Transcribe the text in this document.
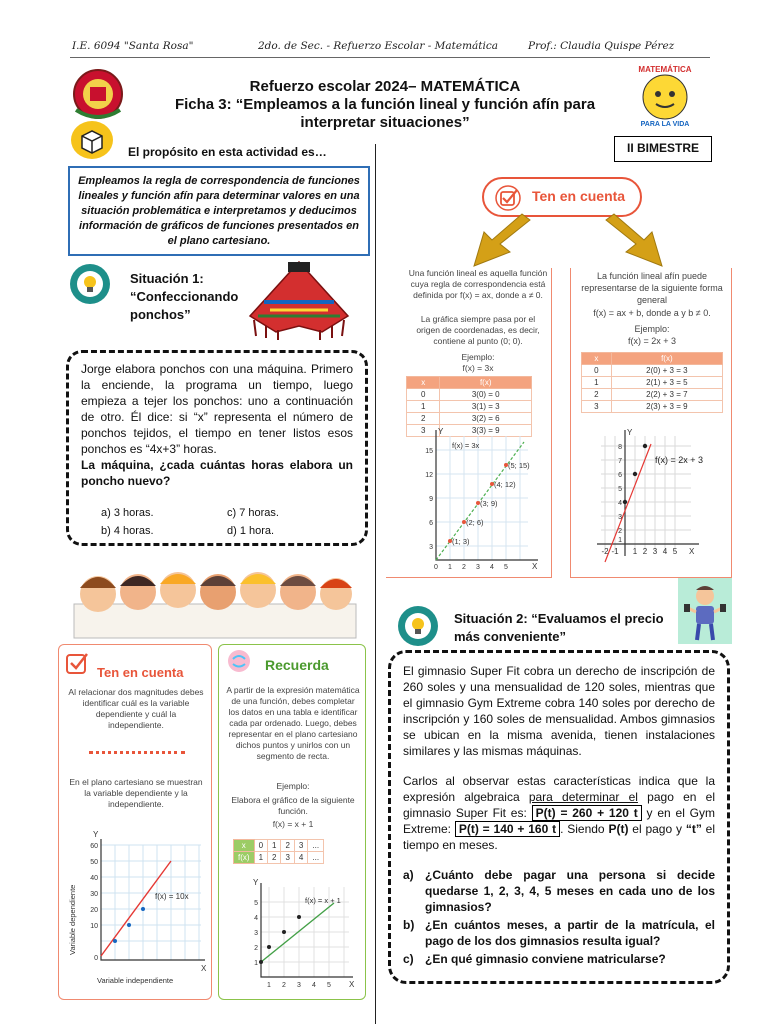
I.E. 6094 "Santa Rosa"	2do. de Sec. - Refuerzo Escolar - Matemática	Prof.: Claudia Quispe Pérez
MATEMÁTICA
PARA LA VIDA
Refuerzo escolar 2024– MATEMÁTICA
Ficha 3: “Empleamos a la función lineal y función afín para
interpretar situaciones”
El propósito en esta actividad es…	II BIMESTRE
Empleamos la regla de correspondencia de funciones lineales y función afín para determinar valores en una situación problemática e interpretamos y deducimos información de gráficos de funciones presentados en el plano cartesiano.
Situación 1:
“Confeccionando
ponchos”
Jorge elabora ponchos con una máquina. Primero la enciende, la programa un tiempo, luego empieza a tejer los ponchos: uno a continuación de otro. Él dice: si “x” representa el número de ponchos tejidos, el tiempo en tener listos esos ponchos es “4x+3” horas.
La máquina, ¿cada cuántas horas elabora un poncho nuevo?
a) 3 horas.	c) 7 horas.
b) 4 horas.	d) 1 hora.
Ten en cuenta
Al relacionar dos magnitudes debes identificar cuál es la variable dependiente y cuál la independiente.
En el plano cartesiano se muestran la variable dependiente y la independiente.
60
50
40
30
20
10
0
Y
X
f(x) = 10x
Variable dependiente
Variable independiente
Recuerda
A partir de la expresión matemática de una función, debes completar los datos en una tabla e identificar cada par ordenado. Luego, debes representar en el plano cartesiano dichos puntos y unirlos con un segmento de recta.
Ejemplo:
Elabora el gráfico de la siguiente función.
f(x) = x + 1
x	0	1	2	3	...
f(x)	1	2	3	4	...
5
4
3
2
1
1 2 3 4 5
Y
X
f(x) = x + 1
Ten en cuenta
Una función lineal es aquella función cuya regla de correspondencia está definida por f(x) = ax, donde a ≠ 0.
La gráfica siempre pasa por el origen de coordenadas, es decir, contiene al punto (0; 0).
Ejemplo:
f(x) = 3x
x	f(x)
0	3(0) = 0
1	3(1) = 3
2	3(2) = 6
3	3(3) = 9
(1; 3)
(2; 6)
(3; 9)
(4; 12)
(5; 15)
f(x) = 3x
15
12
9
6
3
0 1 2 3 4 5
Y
X
La función lineal afín puede representarse de la siguiente forma general
f(x) = ax + b, donde a y b ≠ 0.
Ejemplo:
f(x) = 2x + 3
x	f(x)
0	2(0) + 3 = 3
1	2(1) + 3 = 5
2	2(2) + 3 = 7
3	2(3) + 3 = 9
f(x) = 2x + 3
8
7
6
5
4
3
2
1
-2 -1 1 2 3 4 5
Y
X
Situación 2: “Evaluamos el precio
más conveniente”
El gimnasio Super Fit cobra un derecho de inscripción de 260 soles y una mensualidad de 120 soles, mientras que el gimnasio Gym Extreme cobra 140 soles por derecho de inscripción y 160 soles de mensualidad. Ambos gimnasios se ubican en la misma avenida, tienen instalaciones similares y las mismas máquinas.
Carlos al observar estas características indica que la expresión algebraica para determinar el pago en el gimnasio Super Fit es: P(t) = 260 + 120 t y en el Gym Extreme: P(t) = 140 + 160 t . Siendo P(t) el pago y “t” el tiempo en meses.
a) ¿Cuánto debe pagar una persona si decide quedarse 1, 2, 3, 4, 5 meses en cada uno de los gimnasios?
b) ¿En cuántos meses, a partir de la matrícula, el pago de los dos gimnasios resulta igual?
c) ¿En qué gimnasio conviene matricularse?
